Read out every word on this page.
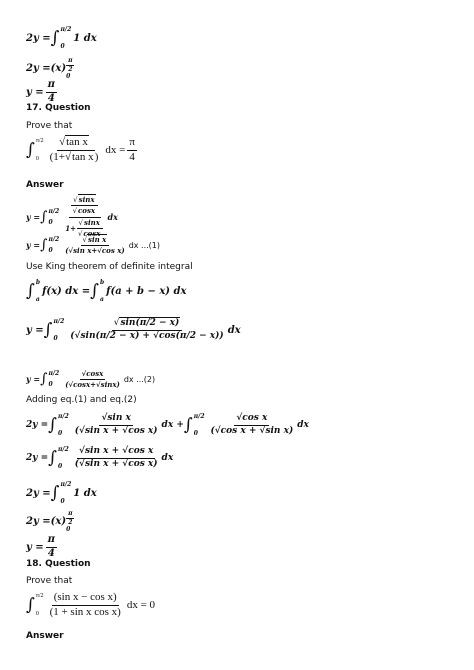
2y = ∫ π/2
0
1 dx
$2y = (x) \frac{\pi}{2}$
0
$y = \frac{\pi}{4}$
17. Question
Prove that
∫ π/2
0 √ $\frac{\text{tan x}}{\text{(1+ √ tan x)}}$ dx = $\frac{\pi}{4}$
Answer
y = ∫ π/2
0 √	sinx
√ cosx
1+ √ sinx
√ cosx dx
y = ∫ π/2
0 √	$\frac{\text{sin x}}{\text{(√sin x+√cos x)}}$ dx ...(1)
Use King theorem of definite integral
∫ b
a
f(x) dx = ∫ b
a
f(a + b − x) dx
y = ∫ π/2
0 √	$\frac{\sin(\pi/2 - x)}{(√\sin(\pi/2 - x) + √\cos(\pi/2 - x))}$ dx
y = ∫ π/2
0	$\frac{√\cos x}{(√\cos x+√\sin x)}$ dx ...(2)
Adding eq.(1) and eq.(2)
2y = ∫ π/2
0	$\frac{\text{√sin x}}{\text{(√sin x + √cos x)}}$ dx + ∫ π/2
0	$\frac{\text{√cos x}}{\text{(√cos x + √sin x)}}$ dx
2y = ∫ π/2
0	$\frac{\text{√sin x + √cos x}}{\text{(√sin x + √cos x)}}$ dx
2y = ∫ π/2
0
1 dx
$2y = (x) \frac{\pi}{2}$
0
$y = \frac{\pi}{4}$
18. Question
Prove that
∫ π/2
$0 \frac{\text{(sin x − cos x)}}{\text{(1 + sin x cos x)}}$ dx = 0
Answer
